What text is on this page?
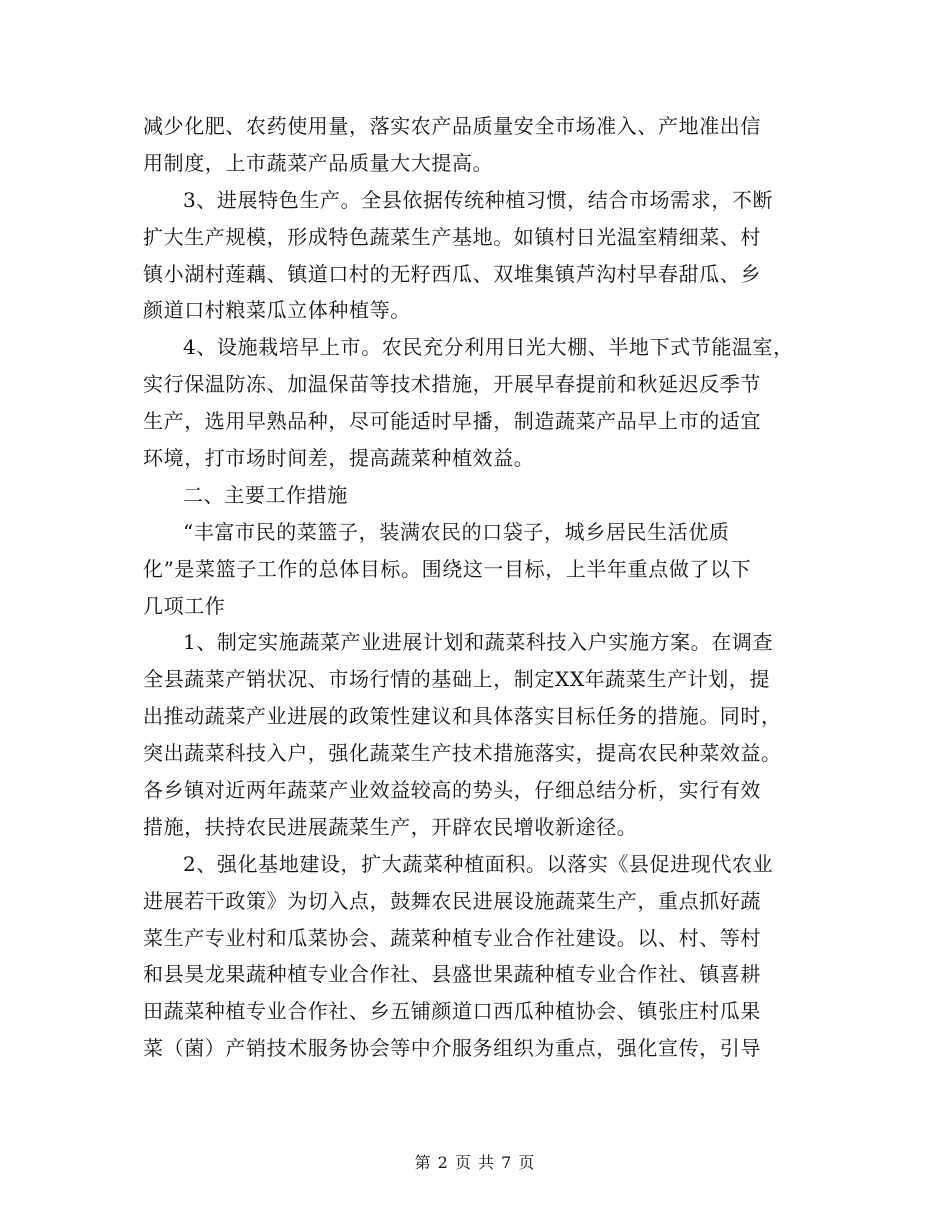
减少化肥、农药使用量，落实农产品质量安全市场准入、产地准出信
用制度，上市蔬菜产品质量大大提高。
3、进展特色生产。全县依据传统种植习惯，结合市场需求，不断
扩大生产规模，形成特色蔬菜生产基地。如镇村日光温室精细菜、村
镇小湖村莲藕、镇道口村的无籽西瓜、双堆集镇芦沟村早春甜瓜、乡
颜道口村粮菜瓜立体种植等。
4、设施栽培早上市。农民充分利用日光大棚、半地下式节能温室，
实行保温防冻、加温保苗等技术措施，开展早春提前和秋延迟反季节
生产，选用早熟品种，尽可能适时早播，制造蔬菜产品早上市的适宜
环境，打市场时间差，提高蔬菜种植效益。
二、主要工作措施
“丰富市民的菜篮子，装满农民的口袋子，城乡居民生活优质
化”是菜篮子工作的总体目标。围绕这一目标，上半年重点做了以下
几项工作
1、制定实施蔬菜产业进展计划和蔬菜科技入户实施方案。在调查
全县蔬菜产销状况、市场行情的基础上，制定XX年蔬菜生产计划，提
出推动蔬菜产业进展的政策性建议和具体落实目标任务的措施。同时，
突出蔬菜科技入户，强化蔬菜生产技术措施落实，提高农民种菜效益。
各乡镇对近两年蔬菜产业效益较高的势头，仔细总结分析，实行有效
措施，扶持农民进展蔬菜生产，开辟农民增收新途径。
2、强化基地建设，扩大蔬菜种植面积。以落实《县促进现代农业
进展若干政策》为切入点，鼓舞农民进展设施蔬菜生产，重点抓好蔬
菜生产专业村和瓜菜协会、蔬菜种植专业合作社建设。以、村、等村
和县昊龙果蔬种植专业合作社、县盛世果蔬种植专业合作社、镇喜耕
田蔬菜种植专业合作社、乡五铺颜道口西瓜种植协会、镇张庄村瓜果
菜（菌）产销技术服务协会等中介服务组织为重点，强化宣传，引导
第 2 页 共 7 页
